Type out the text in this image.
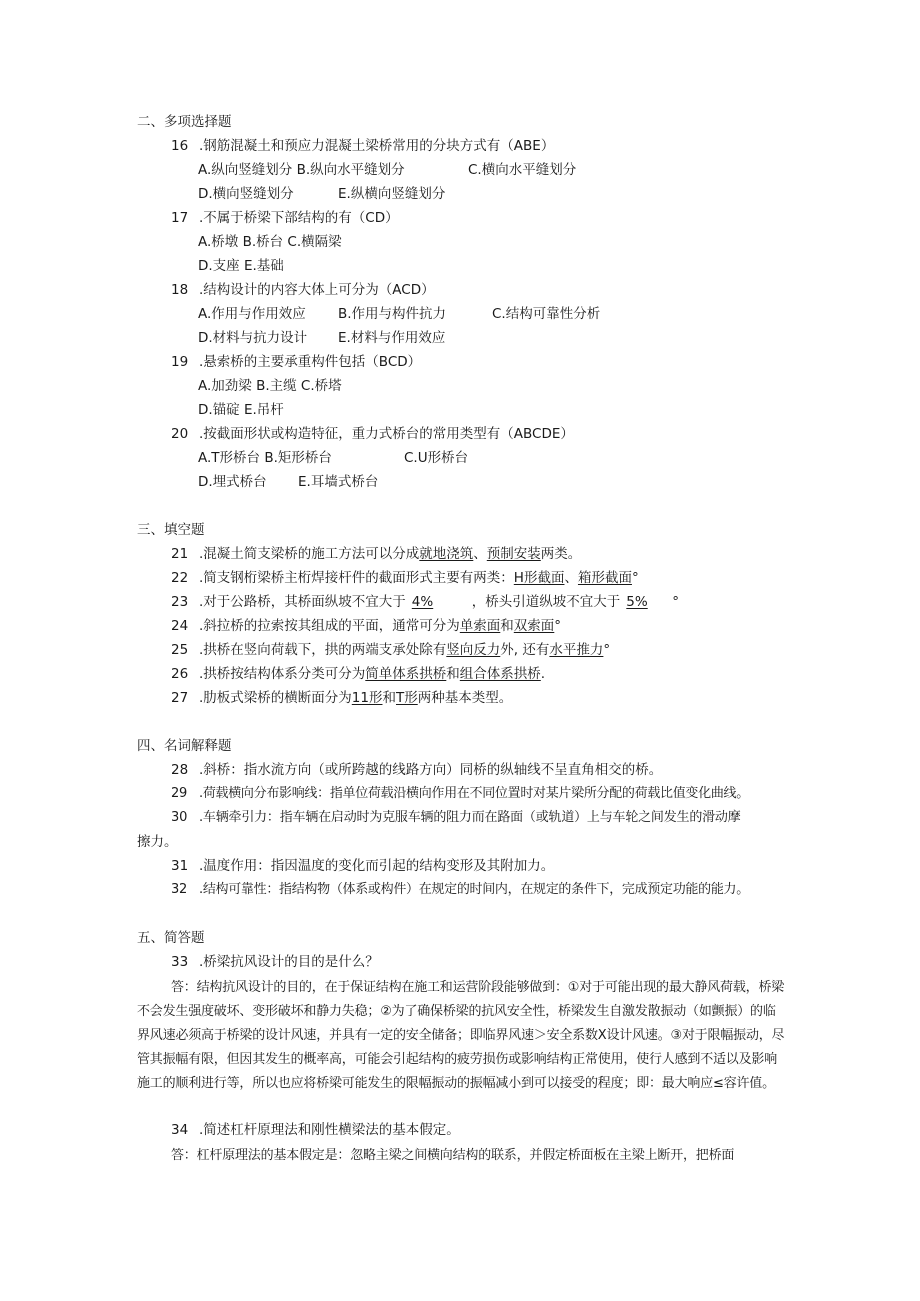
二、多项选择题
16 .钢筋混凝土和预应力混凝土梁桥常用的分块方式有（ABE）
A.纵向竖缝划分 B.纵向水平缝划分	C.横向水平缝划分
D.横向竖缝划分	E.纵横向竖缝划分
17 .不属于桥梁下部结构的有（CD）
A.桥墩 B.桥台 C.横隔梁
D.支座 E.基础
18 .结构设计的内容大体上可分为（ACD）
A.作用与作用效应 B.作用与构件抗力	C.结构可靠性分析
D.材料与抗力设计 E.材料与作用效应
19 .悬索桥的主要承重构件包括（BCD）
A.加劲梁 B.主缆 C.桥塔
D.锚碇 E.吊杆
20 .按截面形状或构造特征，重力式桥台的常用类型有（ABCDE）
A.T形桥台 B.矩形桥台	C.U形桥台
D.埋式桥台 E.耳墙式桥台
三、填空题
21 .混凝土简支梁桥的施工方法可以分成就地浇筑、预制安装两类。
22 .简支钢桁梁桥主桁焊接杆件的截面形式主要有两类：H形截面、箱形截面°
23 .对于公路桥，其桥面纵坡不宜大于 4%	，桥头引道纵坡不宜大于 5% °
24 .斜拉桥的拉索按其组成的平面，通常可分为单索面和双索面°
25 .拱桥在竖向荷载下，拱的两端支承处除有竖向反力外, 还有水平推力°
26 .拱桥按结构体系分类可分为简单体系拱桥和组合体系拱桥.
27 .肋板式梁桥的横断面分为11形和T形两种基本类型。
四、名词解释题
28 .斜桥：指水流方向（或所跨越的线路方向）同桥的纵轴线不呈直角相交的桥。
29 .荷载横向分布影响线：指单位荷载沿横向作用在不同位置时对某片梁所分配的荷载比值变化曲线。
30 .车辆牵引力：指车辆在启动时为克服车辆的阻力而在路面（或轨道）上与车轮之间发生的滑动摩
擦力。
31 .温度作用：指因温度的变化而引起的结构变形及其附加力。
32 .结构可靠性：指结构物（体系或构件）在规定的时间内，在规定的条件下，完成预定功能的能力。
五、简答题
33 .桥梁抗风设计的目的是什么？
答：结构抗风设计的目的，在于保证结构在施工和运营阶段能够做到：①对于可能出现的最大静风荷载，桥梁不会发生强度破坏、变形破坏和静力失稳；②为了确保桥梁的抗风安全性，桥梁发生自激发散振动（如颤振）的临界风速必须高于桥梁的设计风速，并具有一定的安全储备；即临界风速＞安全系数X设计风速。③对于限幅振动，尽管其振幅有限，但因其发生的概率高，可能会引起结构的疲劳损伤或影响结构正常使用，使行人感到不适以及影响施工的顺利进行等，所以也应将桥梁可能发生的限幅振动的振幅减小到可以接受的程度；即：最大响应≤容许值。
34 .简述杠杆原理法和刚性横梁法的基本假定。
答：杠杆原理法的基本假定是：忽略主梁之间横向结构的联系，并假定桥面板在主梁上断开，把桥面
